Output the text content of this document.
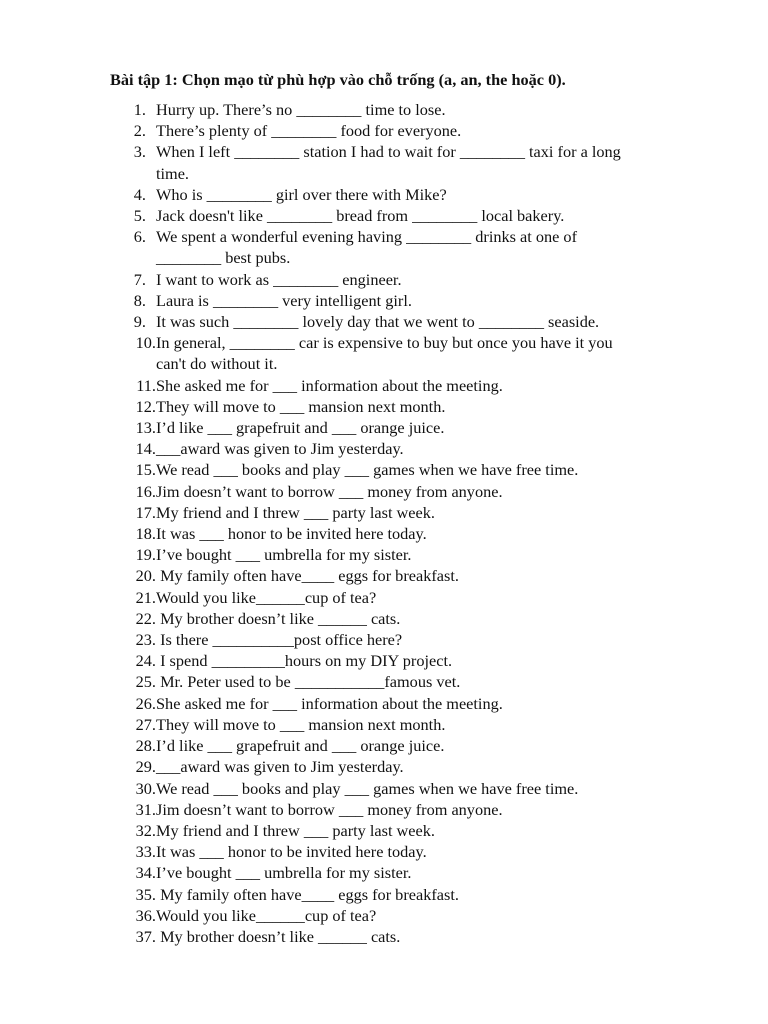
Bài tập 1: Chọn mạo từ phù hợp vào chỗ trống (a, an, the hoặc 0).
1. Hurry up. There’s no ________ time to lose.
2. There’s plenty of ________ food for everyone.
3. When I left ________ station I had to wait for ________ taxi for a long
time.
4. Who is ________ girl over there with Mike?
5. Jack doesn't like ________ bread from ________ local bakery.
6. We spent a wonderful evening having ________ drinks at one of
________ best pubs.
7. I want to work as ________ engineer.
8. Laura is ________ very intelligent girl.
9. It was such ________ lovely day that we went to ________ seaside.
10. In general, ________ car is expensive to buy but once you have it you
can't do without it.
11. She asked me for ___ information about the meeting.
12. They will move to ___ mansion next month.
13. I’d like ___ grapefruit and ___ orange juice.
14. ___award was given to Jim yesterday.
15. We read ___ books and play ___ games when we have free time.
16. Jim doesn’t want to borrow ___ money from anyone.
17. My friend and I threw ___ party last week.
18. It was ___ honor to be invited here today.
19. I’ve bought ___ umbrella for my sister.
20. My family often have____ eggs for breakfast.
21. Would you like______cup of tea?
22. My brother doesn’t like ______ cats.
23. Is there __________post office here?
24. I spend _________hours on my DIY project.
25. Mr. Peter used to be ___________famous vet.
26. She asked me for ___ information about the meeting.
27. They will move to ___ mansion next month.
28. I’d like ___ grapefruit and ___ orange juice.
29. ___award was given to Jim yesterday.
30. We read ___ books and play ___ games when we have free time.
31. Jim doesn’t want to borrow ___ money from anyone.
32. My friend and I threw ___ party last week.
33. It was ___ honor to be invited here today.
34. I’ve bought ___ umbrella for my sister.
35. My family often have____ eggs for breakfast.
36. Would you like______cup of tea?
37. My brother doesn’t like ______ cats.
